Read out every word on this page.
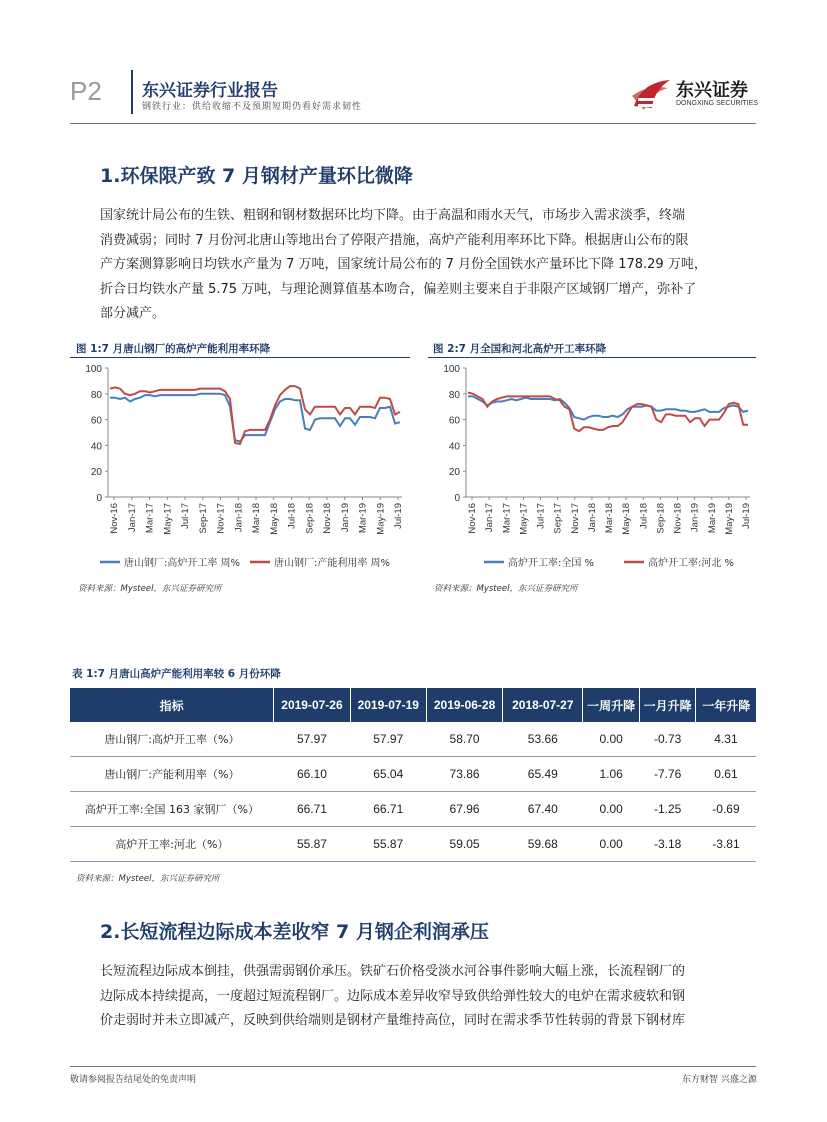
P2 东兴证券行业报告
钢铁行业：供给收缩不及预期短期仍看好需求韧性
东兴证券
DONGXING SECURITIES
1.环保限产致 7 月钢材产量环比微降
国家统计局公布的生铁、粗钢和钢材数据环比均下降。由于高温和雨水天气，市场步入需求淡季，终端
消费减弱；同时 7 月份河北唐山等地出台了停限产措施，高炉产能利用率环比下降。根据唐山公布的限
产方案测算影响日均铁水产量为 7 万吨，国家统计局公布的 7 月份全国铁水产量环比下降 178.29 万吨，
折合日均铁水产量 5.75 万吨，与理论测算值基本吻合，偏差则主要来自于非限产区域钢厂增产，弥补了
部分减产。
图 1:7 月唐山钢厂的高炉产能利用率环降
0
20
40
60
80
100
Nov-16 Jan-17 Mar-17 May-17 Jul-17 Sep-17 Nov-17 Jan-18 Mar-18 May-18 Jul-18 Sep-18 Nov-18 Jan-19 Mar-19 May-19 Jul-19
唐山钢厂:高炉开工率 周%	唐山钢厂:产能利用率 周%
资料来源：Mysteel，东兴证券研究所
图 2:7 月全国和河北高炉开工率环降
0
20
40
60
80
100
Nov-16 Jan-17 Mar-17 May-17 Jul-17 Sep-17 Nov-17 Jan-18 Mar-18 May-18 Jul-18 Sep-18 Nov-18 Jan-19 Mar-19 May-19 Jul-19
高炉开工率:全国 %	高炉开工率:河北 %
资料来源：Mysteel，东兴证券研究所
表 1:7 月唐山高炉产能利用率较 6 月份环降
指标	2019-07-26	2019-07-19	2019-06-28	2018-07-27	一周升降	一月升降	一年升降
唐山钢厂:高炉开工率（%）	57.97	57.97	58.70	53.66	0.00	-0.73	4.31
唐山钢厂:产能利用率（%）	66.10	65.04	73.86	65.49	1.06	-7.76	0.61
高炉开工率:全国 163 家钢厂（%）	66.71	66.71	67.96	67.40	0.00	-1.25	-0.69
高炉开工率:河北（%）	55.87	55.87	59.05	59.68	0.00	-3.18	-3.81
资料来源：Mysteel，东兴证券研究所
2.长短流程边际成本差收窄 7 月钢企利润承压
长短流程边际成本倒挂，供强需弱钢价承压。铁矿石价格受淡水河谷事件影响大幅上涨，长流程钢厂的
边际成本持续提高，一度超过短流程钢厂。边际成本差异收窄导致供给弹性较大的电炉在需求疲软和钢
价走弱时并未立即减产，反映到供给端则是钢材产量维持高位，同时在需求季节性转弱的背景下钢材库
敬请参阅报告结尾处的免责声明	东方财智 兴盛之源
